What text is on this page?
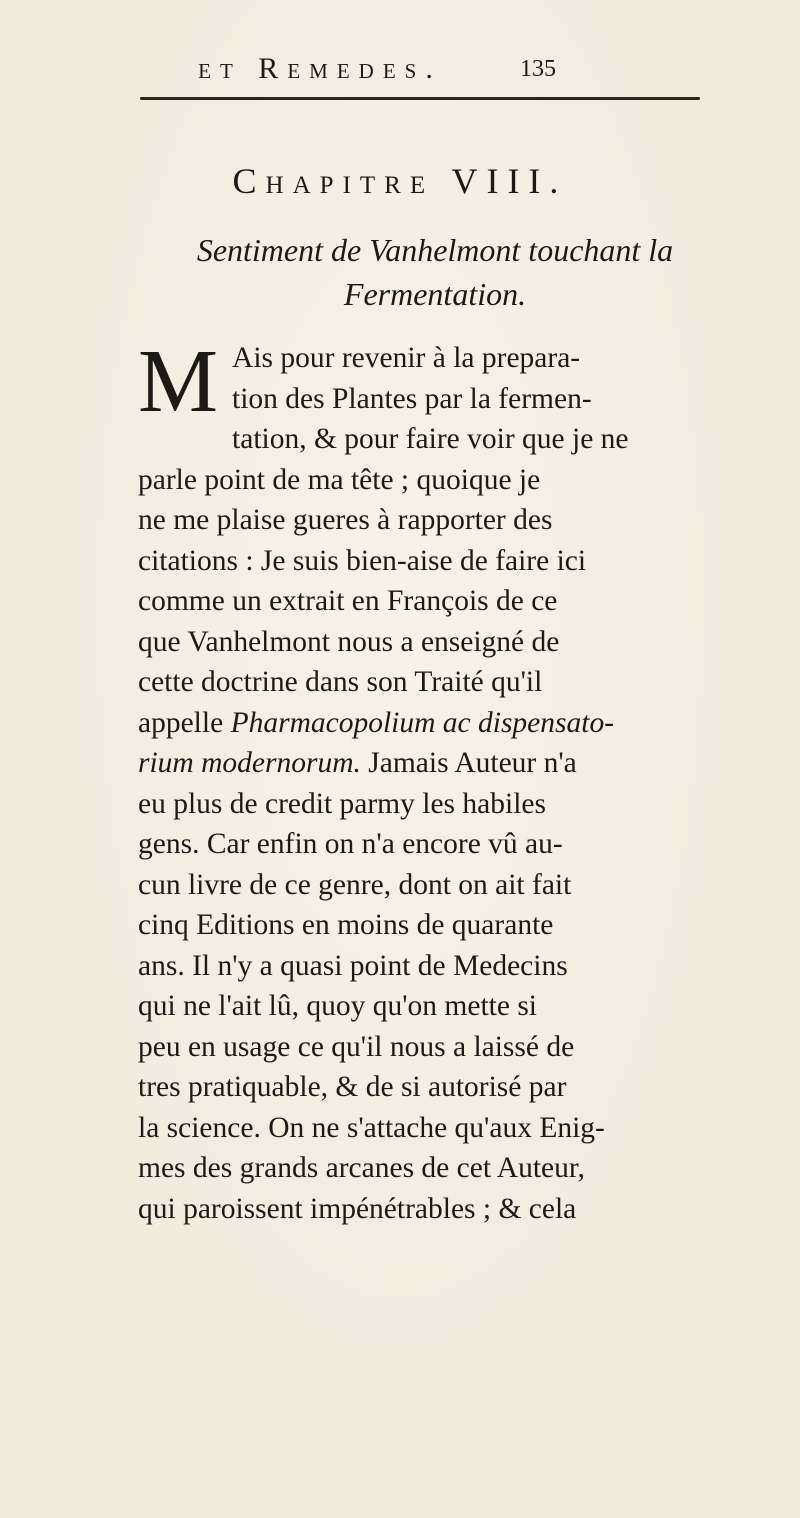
et Remedes.	135
Chapitre VIII.
Sentiment de Vanhelmont touchant la
Fermentation.
M Ais pour revenir à la prepara-
tion des Plantes par la fermen-
tation, & pour faire voir que je ne
parle point de ma tête ; quoique je
ne me plaise gueres à rapporter des
citations : Je suis bien-aise de faire ici
comme un extrait en François de ce
que Vanhelmont nous a enseigné de
cette doctrine dans son Traité qu'il
appelle Pharmacopolium ac dispensato-
rium modernorum. Jamais Auteur n'a
eu plus de credit parmy les habiles
gens. Car enfin on n'a encore vû au-
cun livre de ce genre, dont on ait fait
cinq Editions en moins de quarante
ans. Il n'y a quasi point de Medecins
qui ne l'ait lû, quoy qu'on mette si
peu en usage ce qu'il nous a laissé de
tres pratiquable, & de si autorisé par
la science. On ne s'attache qu'aux Enig-
mes des grands arcanes de cet Auteur,
qui paroissent impénétrables ; & cela
